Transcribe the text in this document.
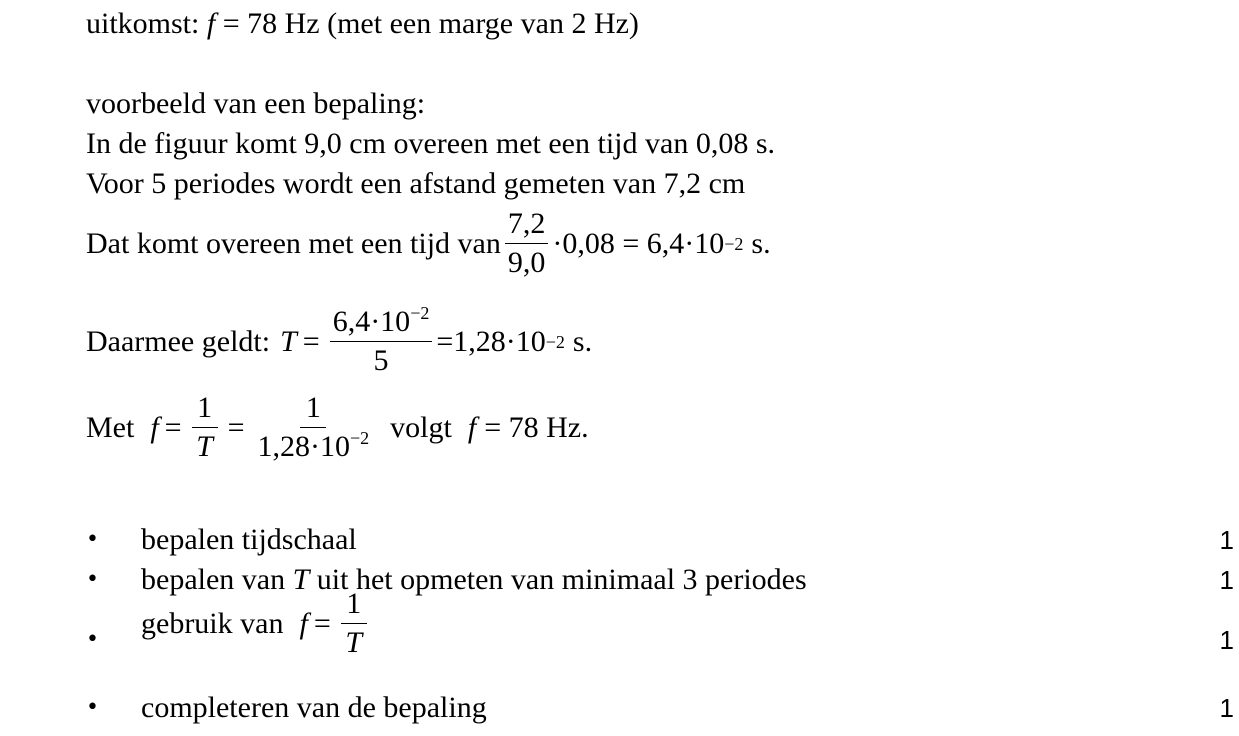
uitkomst: f = 78 Hz (met een marge van 2 Hz)
voorbeeld van een bepaling:
In de figuur komt 9,0 cm overeen met een tijd van 0,08 s.
Voor 5 periodes wordt een afstand gemeten van 7,2 cm
Dat komt overeen met een tijd van $\frac{7,2}{9,0} \cdot 0,08 = 6,4\cdot 10 -2$ s.
Daarmee geldt: $T = \frac{6,4\cdot 10^{-2}}{5} =1,28\cdot 10 -2$ s.
Met $f = \frac{1}{T} = \frac{1}{1,28\cdot 10^{-2}}$ volgt f = 78 Hz.
• bepalen tijdschaal	1
• bepalen van T uit het opmeten van minimaal 3 periodes	1
• gebruik van $f = \frac{1}{T}$	1
• completeren van de bepaling	1
